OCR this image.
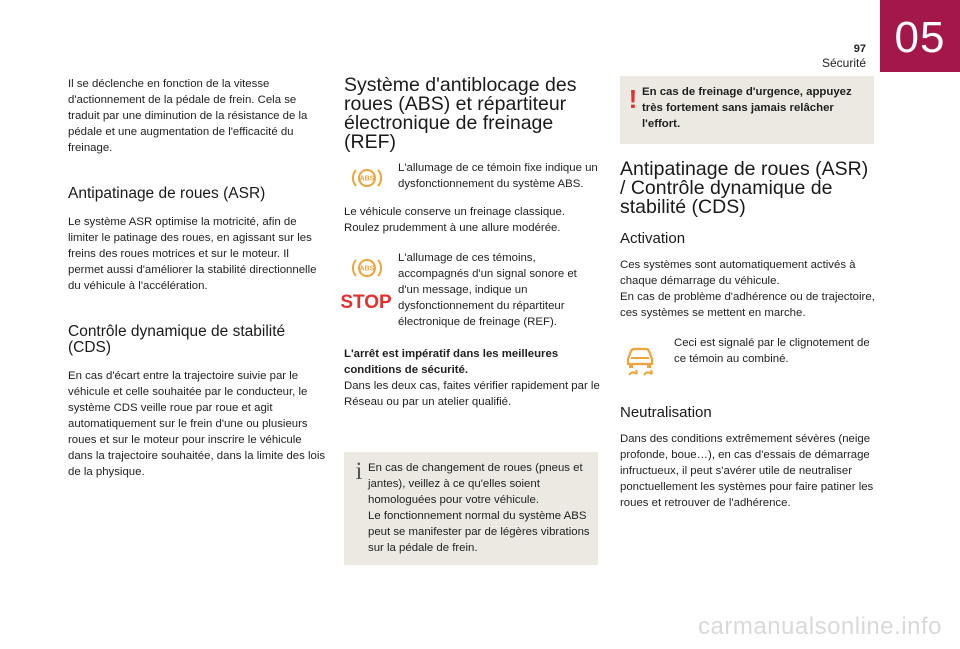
05
97
Sécurité

Il se déclenche en fonction de la vitesse d'actionnement de la pédale de frein. Cela se traduit par une diminution de la résistance de la pédale et une augmentation de l'efficacité du freinage.

Antipatinage de roues (ASR)

Le système ASR optimise la motricité, afin de limiter le patinage des roues, en agissant sur les freins des roues motrices et sur le moteur. Il permet aussi d'améliorer la stabilité directionnelle du véhicule à l'accélération.

Contrôle dynamique de stabilité (CDS)

En cas d'écart entre la trajectoire suivie par le véhicule et celle souhaitée par le conducteur, le système CDS veille roue par roue et agit automatiquement sur le frein d'une ou plusieurs roues et sur le moteur pour inscrire le véhicule dans la trajectoire souhaitée, dans la limite des lois de la physique.

Système d'antiblocage des roues (ABS) et répartiteur électronique de freinage (REF)
ABS

L'allumage de ce témoin fixe indique un dysfonctionnement du système ABS.

Le véhicule conserve un freinage classique. Roulez prudemment à une allure modérée.

ABS
STOP

L'allumage de ces témoins, accompagnés d'un signal sonore et d'un message, indique un dysfonctionnement du répartiteur électronique de freinage (REF).

L'arrêt est impératif dans les meilleures conditions de sécurité.
Dans les deux cas, faites vérifier rapidement par le Réseau ou par un atelier qualifié.

i En cas de changement de roues (pneus et jantes), veillez à ce qu'elles soient homologuées pour votre véhicule.

Le fonctionnement normal du système ABS peut se manifester par de légères vibrations sur la pédale de frein.

! En cas de freinage d'urgence, appuyez très fortement sans jamais relâcher l'effort.

Antipatinage de roues (ASR) / Contrôle dynamique de stabilité (CDS)
Activation

Ces systèmes sont automatiquement activés à chaque démarrage du véhicule.

En cas de problème d'adhérence ou de trajectoire, ces systèmes se mettent en marche.

Ceci est signalé par le clignotement de ce témoin au combiné.

Neutralisation

Dans des conditions extrêmement sévères (neige profonde, boue…), en cas d'essais de démarrage infructueux, il peut s'avérer utile de neutraliser ponctuellement les systèmes pour faire patiner les roues et retrouver de l'adhérence.

carmanualsonline.info
